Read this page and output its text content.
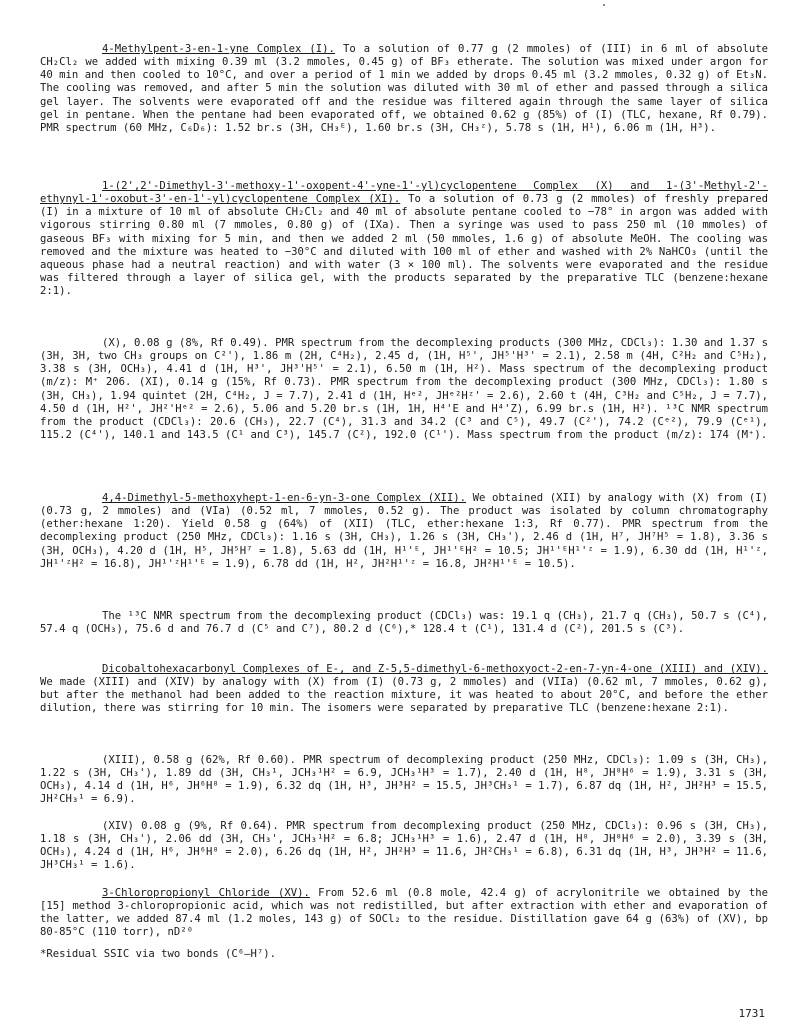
4-Methylpent-3-en-1-yne Complex (I). To a solution of 0.77 g (2 mmoles) of (III) in 6 ml of absolute CH₂Cl₂ we added with mixing 0.39 ml (3.2 mmoles, 0.45 g) of BF₃ etherate. The solution was mixed under argon for 40 min and then cooled to 10°C, and over a period of 1 min we added by drops 0.45 ml (3.2 mmoles, 0.32 g) of Et₃N. The cooling was removed, and after 5 min the solution was diluted with 30 ml of ether and passed through a silica gel layer. The solvents were evaporated off and the residue was filtered again through the same layer of silica gel in pentane. When the pentane had been evaporated off, we obtained 0.62 g (85%) of (I) (TLC, hexane, Rf 0.79). PMR spectrum (60 MHz, C₆D₆): 1.52 br.s (3H, CH₃ᴱ), 1.60 br.s (3H, CH₃ᶻ), 5.78 s (1H, H¹), 6.06 m (1H, H³).
1-(2',2'-Dimethyl-3'-methoxy-1'-oxopent-4'-yne-1'-yl)cyclopentene Complex (X) and 1-(3'-Methyl-2'-ethynyl-1'-oxobut-3'-en-1'-yl)cyclopentene Complex (XI). To a solution of 0.73 g (2 mmoles) of freshly prepared (I) in a mixture of 10 ml of absolute CH₂Cl₂ and 40 ml of absolute pentane cooled to −78° in argon was added with vigorous stirring 0.80 ml (7 mmoles, 0.80 g) of (IXa). Then a syringe was used to pass 250 ml (10 mmoles) of gaseous BF₃ with mixing for 5 min, and then we added 2 ml (50 mmoles, 1.6 g) of absolute MeOH. The cooling was removed and the mixture was heated to −30°C and diluted with 100 ml of ether and washed with 2% NaHCO₃ (until the aqueous phase had a neutral reaction) and with water (3 × 100 ml). The solvents were evaporated and the residue was filtered through a layer of silica gel, with the products separated by the preparative TLC (benzene:hexane 2:1).
(X), 0.08 g (8%, Rf 0.49). PMR spectrum from the decomplexing products (300 MHz, CDCl₃): 1.30 and 1.37 s (3H, 3H, two CH₃ groups on C²'), 1.86 m (2H, C⁴H₂), 2.45 d, (1H, H⁵', JH⁵'H³' = 2.1), 2.58 m (4H, C²H₂ and C⁵H₂), 3.38 s (3H, OCH₃), 4.41 d (1H, H³', JH³'H⁵' = 2.1), 6.50 m (1H, H²). Mass spectrum of the decomplexing product (m/z): M⁺ 206. (XI), 0.14 g (15%, Rf 0.73). PMR spectrum from the decomplexing product (300 MHz, CDCl₃): 1.80 s (3H, CH₃), 1.94 quintet (2H, C⁴H₂, J = 7.7), 2.41 d (1H, Hᵉ², JHᵉ²Hᶻ' = 2.6), 2.60 t (4H, C³H₂ and C⁵H₂, J = 7.7), 4.50 d (1H, H²', JH²'Hᵉ² = 2.6), 5.06 and 5.20 br.s (1H, 1H, H⁴'E and H⁴'Z), 6.99 br.s (1H, H²). ¹³C NMR spectrum from the product (CDCl₃): 20.6 (CH₃), 22.7 (C⁴), 31.3 and 34.2 (C³ and C⁵), 49.7 (C²'), 74.2 (Cᵉ²), 79.9 (Cᵉ¹), 115.2 (C⁴'), 140.1 and 143.5 (C¹ and C³), 145.7 (C²), 192.0 (C¹'). Mass spectrum from the product (m/z): 174 (M⁺).
4,4-Dimethyl-5-methoxyhept-1-en-6-yn-3-one Complex (XII). We obtained (XII) by analogy with (X) from (I) (0.73 g, 2 mmoles) and (VIa) (0.52 ml, 7 mmoles, 0.52 g). The product was isolated by column chromatography (ether:hexane 1:20). Yield 0.58 g (64%) of (XII) (TLC, ether:hexane 1:3, Rf 0.77). PMR spectrum from the decomplexing product (250 MHz, CDCl₃): 1.16 s (3H, CH₃), 1.26 s (3H, CH₃'), 2.46 d (1H, H⁷, JH⁷H⁵ = 1.8), 3.36 s (3H, OCH₃), 4.20 d (1H, H⁵, JH⁵H⁷ = 1.8), 5.63 dd (1H, H¹'ᴱ, JH¹'ᴱH² = 10.5; JH¹'ᴱH¹'ᶻ = 1.9), 6.30 dd (1H, H¹'ᶻ, JH¹'ᶻH² = 16.8), JH¹'ᶻH¹'ᴱ = 1.9), 6.78 dd (1H, H², JH²H¹'ᶻ = 16.8, JH²H¹'ᴱ = 10.5).
The ¹³C NMR spectrum from the decomplexing product (CDCl₃) was: 19.1 q (CH₃), 21.7 q (CH₃), 50.7 s (C⁴), 57.4 q (OCH₃), 75.6 d and 76.7 d (C⁵ and C⁷), 80.2 d (C⁶),* 128.4 t (C¹), 131.4 d (C²), 201.5 s (C³).
Dicobaltohexacarbonyl Complexes of E-, and Z-5,5-dimethyl-6-methoxyoct-2-en-7-yn-4-one (XIII) and (XIV). We made (XIII) and (XIV) by analogy with (X) from (I) (0.73 g, 2 mmoles) and (VIIa) (0.62 ml, 7 mmoles, 0.62 g), but after the methanol had been added to the reaction mixture, it was heated to about 20°C, and before the ether dilution, there was stirring for 10 min. The isomers were separated by preparative TLC (benzene:hexane 2:1).
(XIII), 0.58 g (62%, Rf 0.60). PMR spectrum of decomplexing product (250 MHz, CDCl₃): 1.09 s (3H, CH₃), 1.22 s (3H, CH₃'), 1.89 dd (3H, CH₃¹, JCH₃¹H² = 6.9, JCH₃¹H³ = 1.7), 2.40 d (1H, H⁸, JH⁸H⁶ = 1.9), 3.31 s (3H, OCH₃), 4.14 d (1H, H⁶, JH⁶H⁸ = 1.9), 6.32 dq (1H, H³, JH³H² = 15.5, JH³CH₃¹ = 1.7), 6.87 dq (1H, H², JH²H³ = 15.5, JH²CH₃¹ = 6.9).
(XIV) 0.08 g (9%, Rf 0.64). PMR spectrum from decomplexing product (250 MHz, CDCl₃): 0.96 s (3H, CH₃), 1.18 s (3H, CH₃'), 2.06 dd (3H, CH₃', JCH₃¹H² = 6.8; JCH₃¹H³ = 1.6), 2.47 d (1H, H⁸, JH⁸H⁶ = 2.0), 3.39 s (3H, OCH₃), 4.24 d (1H, H⁶, JH⁶H⁸ = 2.0), 6.26 dq (1H, H², JH²H³ = 11.6, JH²CH₃¹ = 6.8), 6.31 dq (1H, H³, JH³H² = 11.6, JH³CH₃¹ = 1.6).
3-Chloropropionyl Chloride (XV). From 52.6 ml (0.8 mole, 42.4 g) of acrylonitrile we obtained by the [15] method 3-chloropropionic acid, which was not redistilled, but after extraction with ether and evaporation of the latter, we added 87.4 ml (1.2 moles, 143 g) of SOCl₂ to the residue. Distillation gave 64 g (63%) of (XV), bp 80-85°C (110 torr), nD²⁰
*Residual SSIC via two bonds (C⁶–H⁷).
1731
